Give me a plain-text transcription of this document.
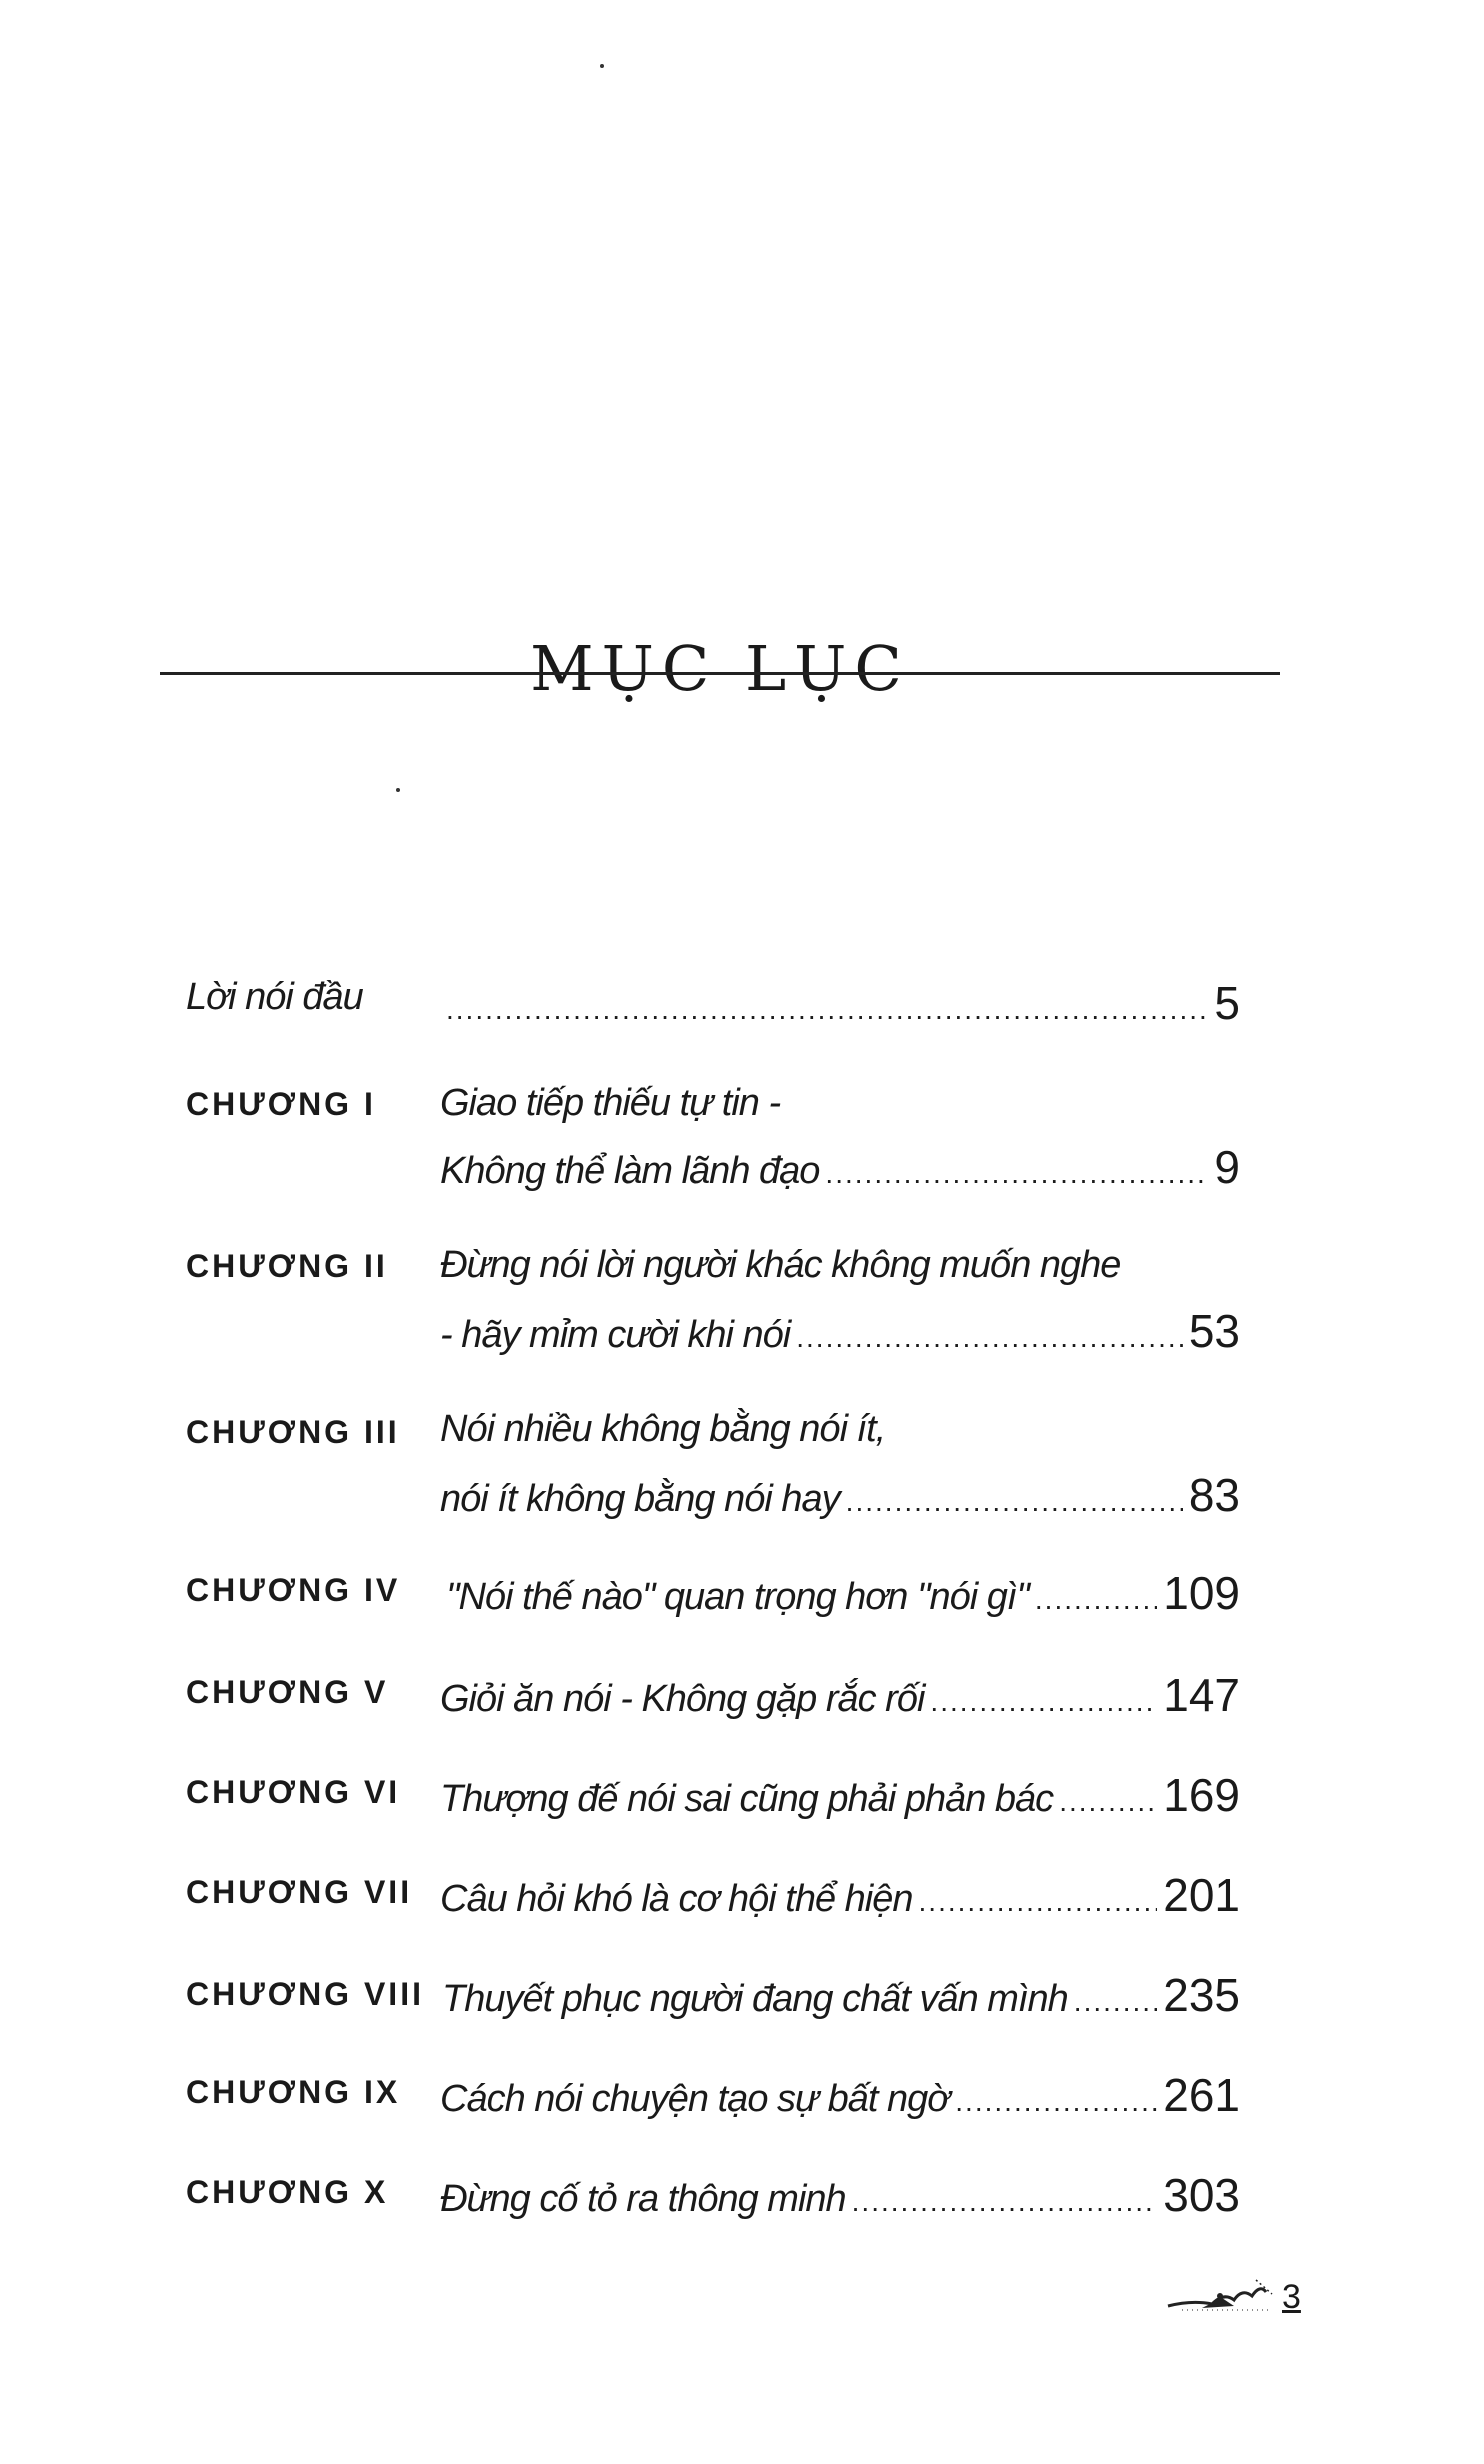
MỤC LỤC
Lời nói đầu .....	5
CHƯƠNG I Giao tiếp thiếu tự tin -
Không thể làm lãnh đạo .....	9
CHƯƠNG II Đừng nói lời người khác không muốn nghe
- hãy mỉm cười khi nói .....	53
CHƯƠNG III Nói nhiều không bằng nói ít,
nói ít không bằng nói hay .....	83
CHƯƠNG IV "Nói thế nào" quan trọng hơn "nói gì" .....	109
CHƯƠNG V Giỏi ăn nói - Không gặp rắc rối .....	147
CHƯƠNG VI Thượng đế nói sai cũng phải phản bác ..... 169
CHƯƠNG VII Câu hỏi khó là cơ hội thể hiện .....	201
CHƯƠNG VIII Thuyết phục người đang chất vấn mình ..... 235
CHƯƠNG IX Cách nói chuyện tạo sự bất ngờ .....	261
CHƯƠNG X Đừng cố tỏ ra thông minh .....	303
3
